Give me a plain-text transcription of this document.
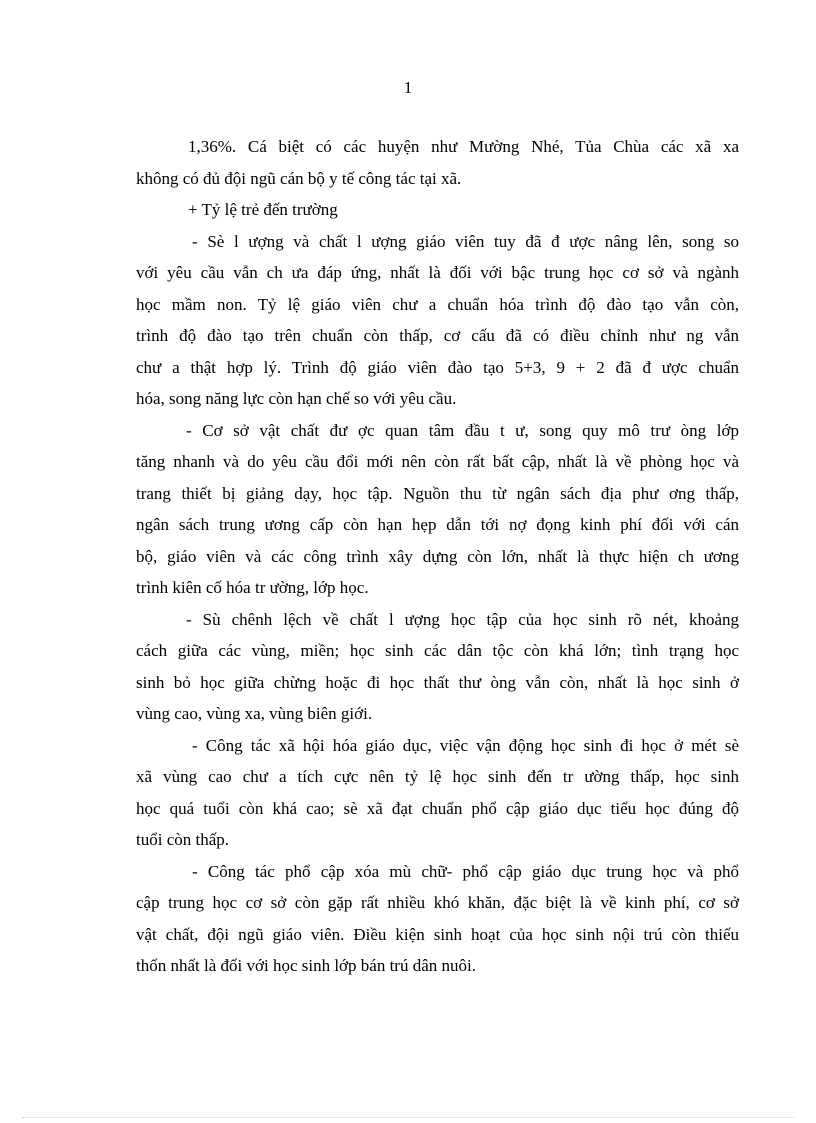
1

1,36%. Cá biệt có các huyện như Mường Nhé, Tủa Chùa các xã xa

không có đủ đội ngũ cán bộ y tế công tác tại xã.

+ Tỷ lệ trẻ đến trường

- Sè l ượng và chất l ượng giáo viên tuy đã đ ược nâng lên, song so
với yêu cầu vẫn ch ưa đáp ứng, nhất là đối với bậc trung học cơ sở và ngành
học mầm non. Tỷ lệ giáo viên chư a chuẩn hóa trình độ đào tạo vẫn còn,
trình độ đào tạo trên chuẩn còn thấp, cơ cấu đã có điều chỉnh như ng vẫn
chư a thật hợp lý. Trình độ giáo viên đào tạo 5+3, 9 + 2 đã đ ược chuẩn
hóa, song năng lực còn hạn chế so với yêu cầu.

- Cơ sở vật chất đư ợc quan tâm đầu t ư, song quy mô trư òng lớp
tăng nhanh và do yêu cầu đổi mới nên còn rất bất cập, nhất là về phòng học và
trang thiết bị giảng dạy, học tập. Nguồn thu từ ngân sách địa phư ơng thấp,
ngân sách trung ương cấp còn hạn hẹp dẫn tới nợ đọng kinh phí đối với cán
bộ, giáo viên và các công trình xây dựng còn lớn, nhất là thực hiện ch ương
trình kiên cố hóa tr ường, lớp học.

- Sù chênh lệch về chất l ượng học tập của học sinh rõ nét, khoảng
cách giữa các vùng, miền; học sinh các dân tộc còn khá lớn; tình trạng học
sinh bỏ học giữa chừng hoặc đi học thất thư òng vẫn còn, nhất là học sinh ở
vùng cao, vùng xa, vùng biên giới.

- Công tác xã hội hóa giáo dục, việc vận động học sinh đi học ở mét sè
xã vùng cao chư a tích cực nên tỷ lệ học sinh đến tr ường thấp, học sinh
học quá tuổi còn khá cao; sè xã đạt chuẩn phổ cập giáo dục tiểu học đúng độ
tuổi còn thấp.

- Công tác phổ cập xóa mù chữ- phổ cập giáo dục trung học và phổ
cập trung học cơ sở còn gặp rất nhiều khó khăn, đặc biệt là về kinh phí, cơ sở
vật chất, đội ngũ giáo viên. Điều kiện sinh hoạt của học sinh nội trú còn thiếu
thốn nhất là đối với học sinh lớp bán trú dân nuôi.
